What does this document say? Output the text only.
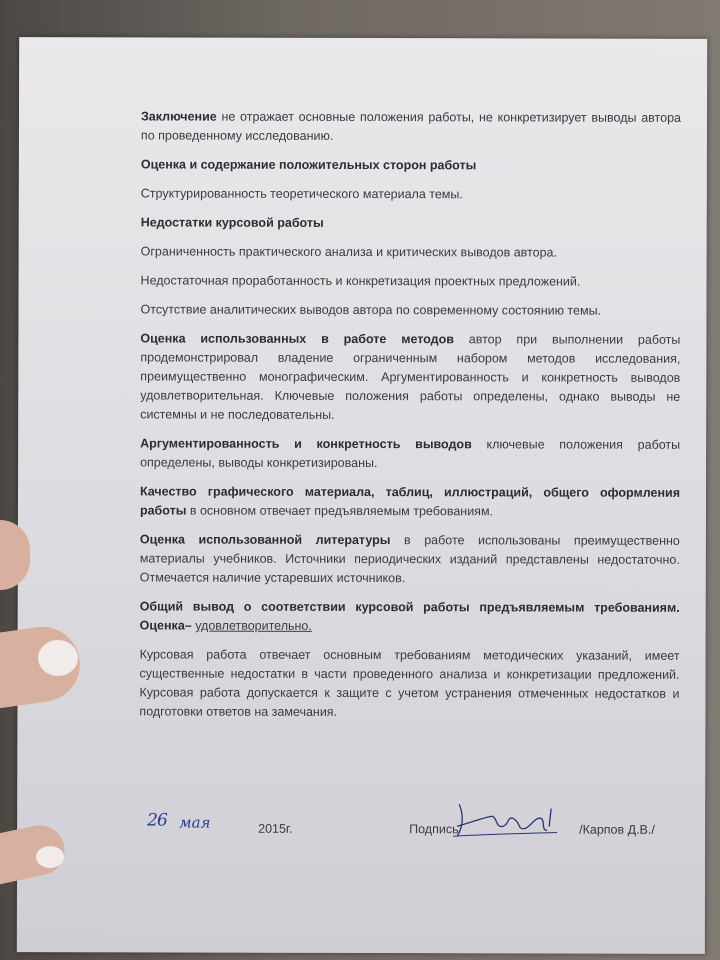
Заключение не отражает основные положения работы, не конкретизирует выводы автора по проведенному исследованию.

Оценка и содержание положительных сторон работы

Структурированность теоретического материала темы.

Недостатки курсовой работы

Ограниченность практического анализа и критических выводов автора.

Недостаточная проработанность и конкретизация проектных предложений.

Отсутствие аналитических выводов автора по современному состоянию темы.

Оценка использованных в работе методов автор при выполнении работы продемонстрировал владение ограниченным набором методов исследования, преимущественно монографическим. Аргументированность и конкретность выводов удовлетворительная. Ключевые положения работы определены, однако выводы не системны и не последовательны.

Аргументированность и конкретность выводов ключевые положения работы определены, выводы конкретизированы.

Качество графического материала, таблиц, иллюстраций, общего оформления работы в основном отвечает предъявляемым требованиям.

Оценка использованной литературы в работе использованы преимущественно материалы учебников. Источники периодических изданий представлены недостаточно. Отмечается наличие устаревших источников.

Общий вывод о соответствии курсовой работы предъявляемым требованиям. Оценка– удовлетворительно.

Курсовая работа отвечает основным требованиям методических указаний, имеет существенные недостатки в части проведенного анализа и конкретизации предложений. Курсовая работа допускается к защите с учетом устранения отмеченных недостатков и подготовки ответов на замечания.

26 мая	2015г.	Подпись	/Карпов Д.В./
